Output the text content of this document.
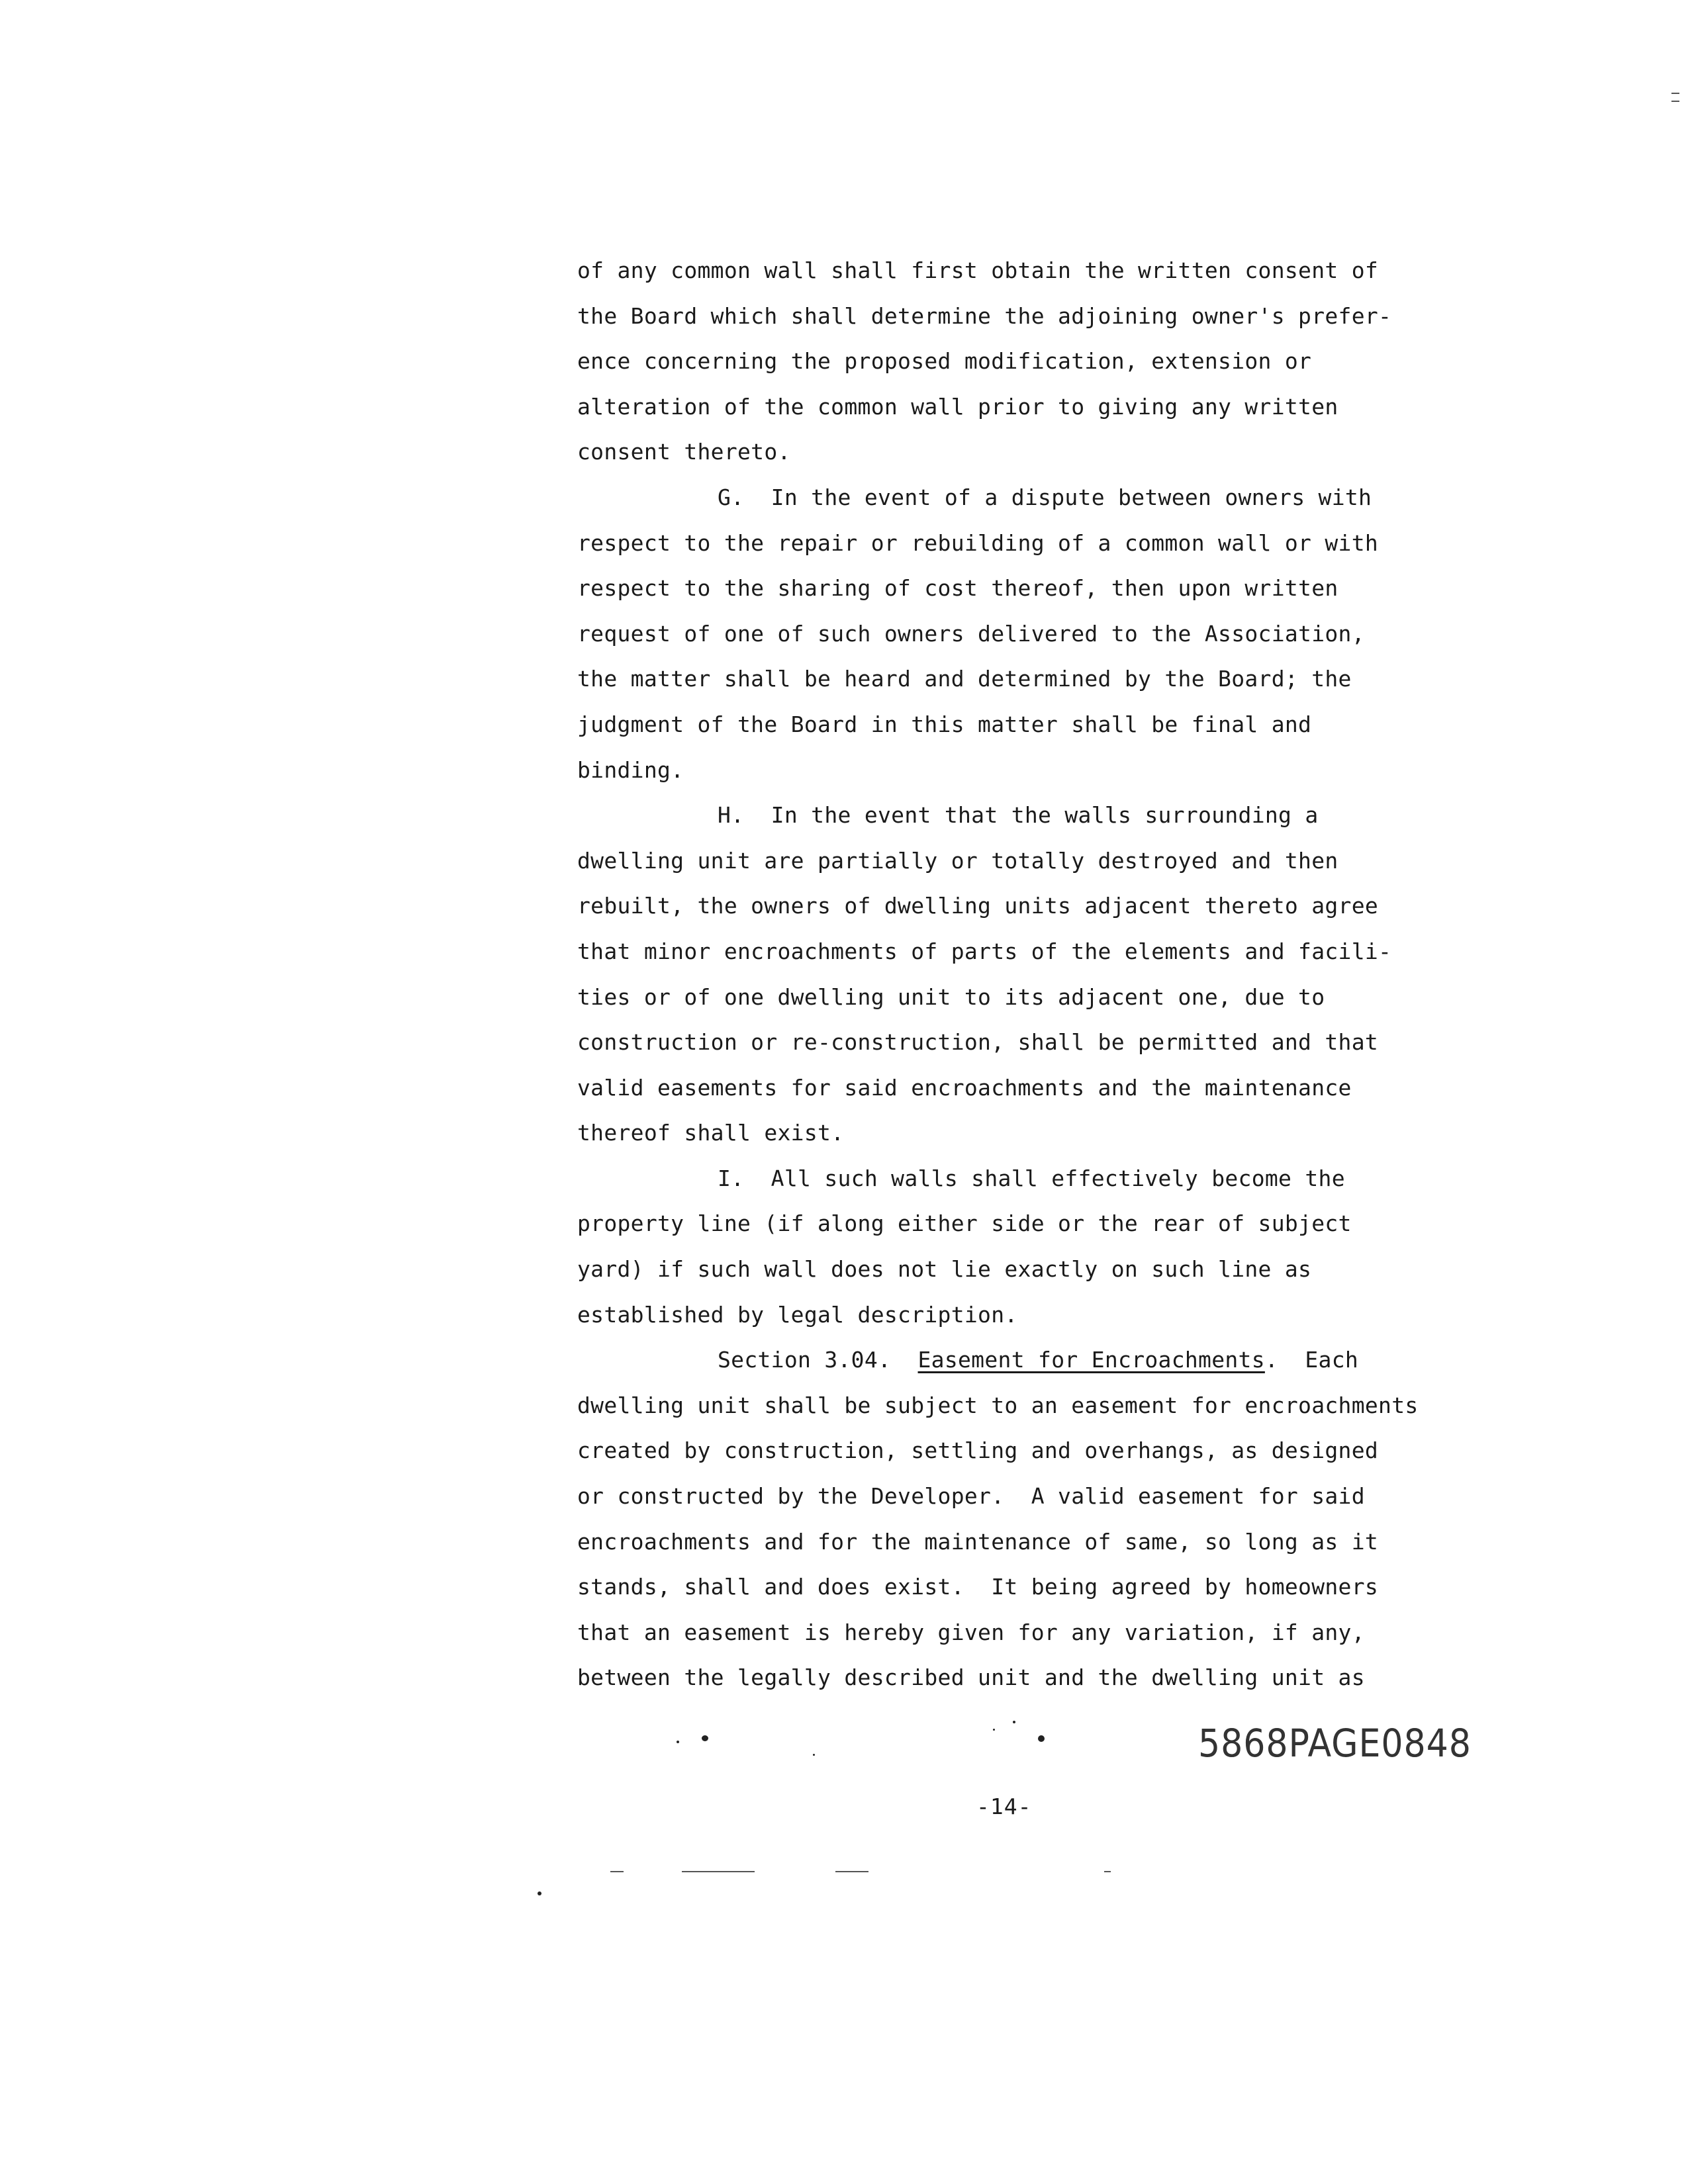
of any common wall shall first obtain the written consent of
the Board which shall determine the adjoining owner's prefer-
ence concerning the proposed modification, extension or
alteration of the common wall prior to giving any written
consent thereto.
G.  In the event of a dispute between owners with
respect to the repair or rebuilding of a common wall or with
respect to the sharing of cost thereof, then upon written
request of one of such owners delivered to the Association,
the matter shall be heard and determined by the Board; the
judgment of the Board in this matter shall be final and
binding.
H.  In the event that the walls surrounding a
dwelling unit are partially or totally destroyed and then
rebuilt, the owners of dwelling units adjacent thereto agree
that minor encroachments of parts of the elements and facili-
ties or of one dwelling unit to its adjacent one, due to
construction or re-construction, shall be permitted and that
valid easements for said encroachments and the maintenance
thereof shall exist.
I.  All such walls shall effectively become the
property line (if along either side or the rear of subject
yard) if such wall does not lie exactly on such line as
established by legal description.
Section 3.04.  Easement for Encroachments.  Each
dwelling unit shall be subject to an easement for encroachments
created by construction, settling and overhangs, as designed
or constructed by the Developer.  A valid easement for said
encroachments and for the maintenance of same, so long as it
stands, shall and does exist.  It being agreed by homeowners
that an easement is hereby given for any variation, if any,
between the legally described unit and the dwelling unit as
5868PAGE0848
-14-
